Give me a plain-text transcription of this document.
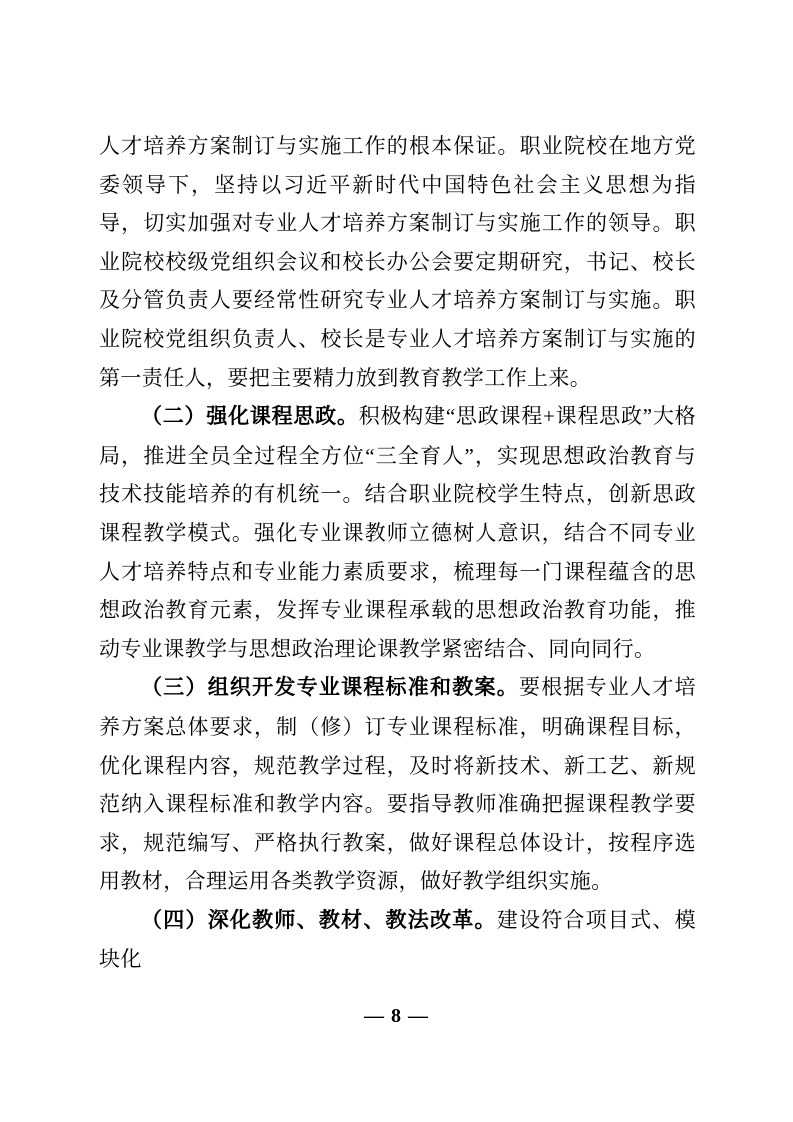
人才培养方案制订与实施工作的根本保证。职业院校在地方党委领导下，坚持以习近平新时代中国特色社会主义思想为指导，切实加强对专业人才培养方案制订与实施工作的领导。职业院校校级党组织会议和校长办公会要定期研究，书记、校长及分管负责人要经常性研究专业人才培养方案制订与实施。职业院校党组织负责人、校长是专业人才培养方案制订与实施的第一责任人，要把主要精力放到教育教学工作上来。

（二）强化课程思政。积极构建“思政课程+课程思政”大格局，推进全员全过程全方位“三全育人”，实现思想政治教育与技术技能培养的有机统一。结合职业院校学生特点，创新思政课程教学模式。强化专业课教师立德树人意识，结合不同专业人才培养特点和专业能力素质要求，梳理每一门课程蕴含的思想政治教育元素，发挥专业课程承载的思想政治教育功能，推动专业课教学与思想政治理论课教学紧密结合、同向同行。

（三）组织开发专业课程标准和教案。要根据专业人才培养方案总体要求，制（修）订专业课程标准，明确课程目标，优化课程内容，规范教学过程，及时将新技术、新工艺、新规范纳入课程标准和教学内容。要指导教师准确把握课程教学要求，规范编写、严格执行教案，做好课程总体设计，按程序选用教材，合理运用各类教学资源，做好教学组织实施。

（四）深化教师、教材、教法改革。建设符合项目式、模块化

— 8 —
